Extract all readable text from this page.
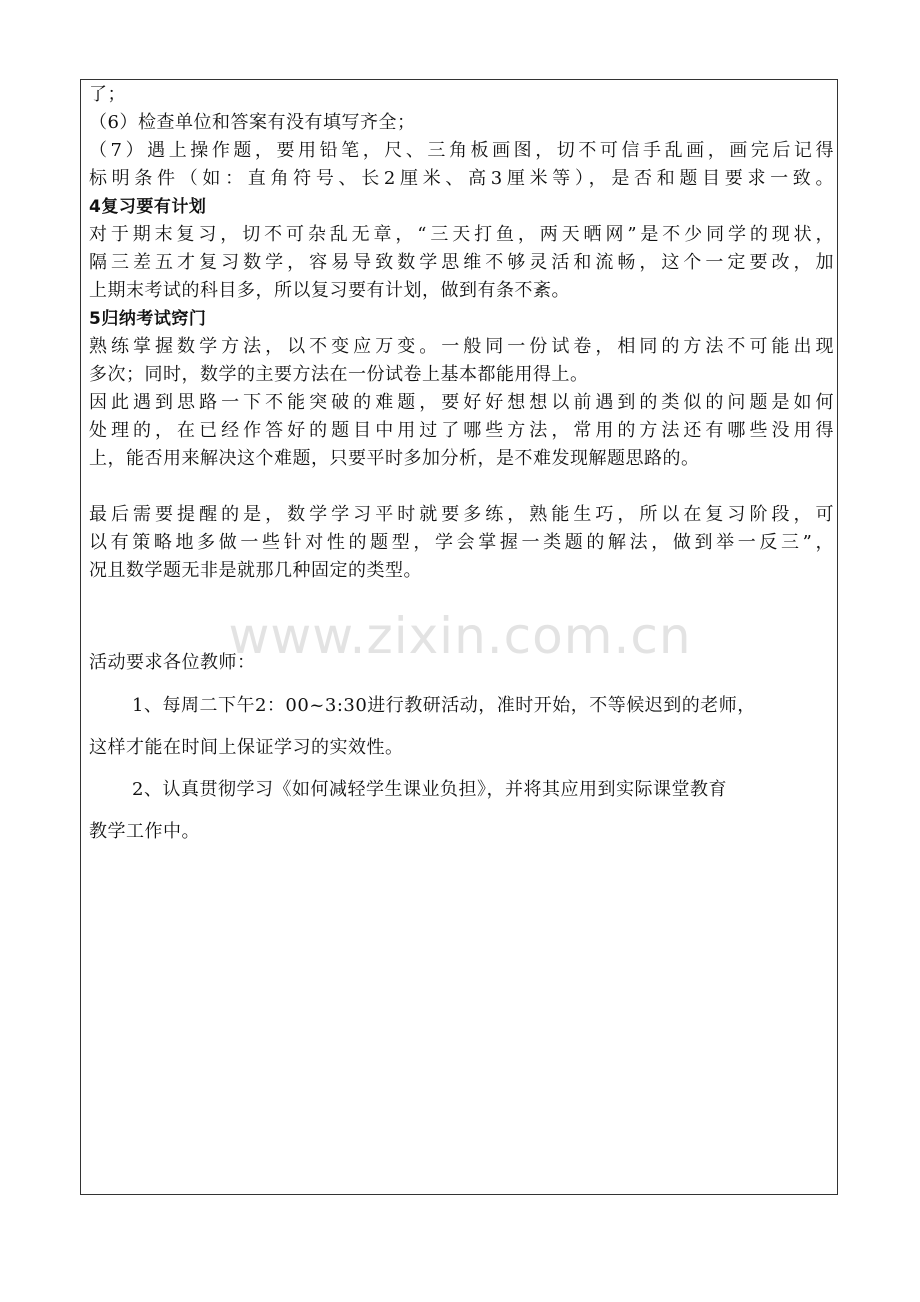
了；
（6）检查单位和答案有没有填写齐全；
（7）遇上操作题，要用铅笔，尺、三角板画图，切不可信手乱画，画完后记得
标明条件（如：直角符号、长2厘米、高3厘米等），是否和题目要求一致。
4复习要有计划
对于期末复习，切不可杂乱无章，“三天打鱼，两天晒网”是不少同学的现状，
隔三差五才复习数学，容易导致数学思维不够灵活和流畅，这个一定要改，加
上期末考试的科目多，所以复习要有计划，做到有条不紊。
5归纳考试窍门
熟练掌握数学方法，以不变应万变。一般同一份试卷，相同的方法不可能出现
多次；同时，数学的主要方法在一份试卷上基本都能用得上。
因此遇到思路一下不能突破的难题，要好好想想以前遇到的类似的问题是如何
处理的，在已经作答好的题目中用过了哪些方法，常用的方法还有哪些没用得
上，能否用来解决这个难题，只要平时多加分析，是不难发现解题思路的。
最后需要提醒的是，数学学习平时就要多练，熟能生巧，所以在复习阶段，可
以有策略地多做一些针对性的题型，学会掌握一类题的解法，做到举一反三”，
况且数学题无非是就那几种固定的类型。
www.zixin.com.cn
活动要求各位教师：
1、每周二下午2：00~3:30进行教研活动，准时开始，不等候迟到的老师，
这样才能在时间上保证学习的实效性。
2、认真贯彻学习《如何减轻学生课业负担》，并将其应用到实际课堂教育
教学工作中。
